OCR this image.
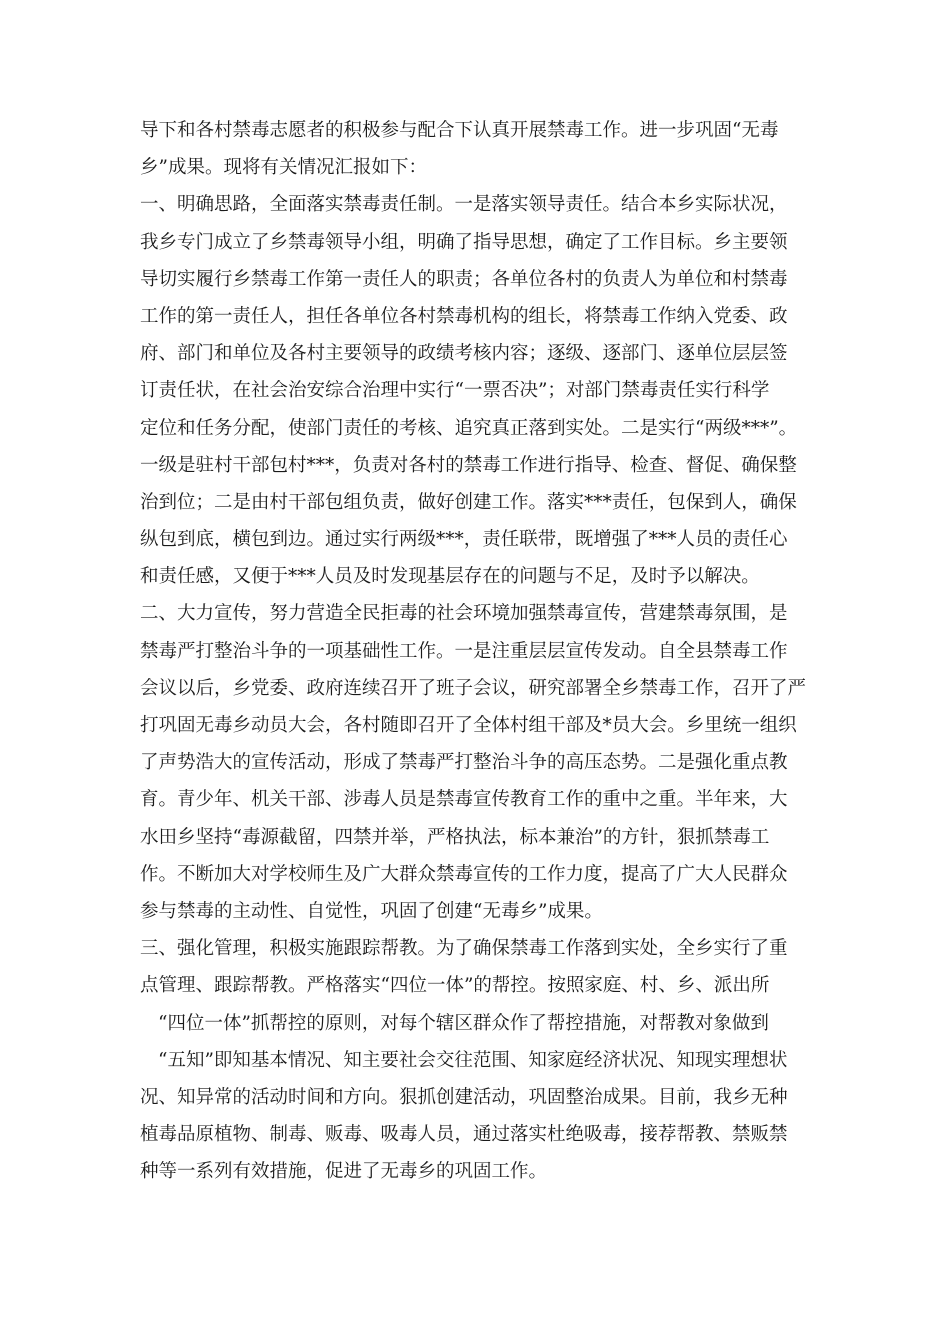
导下和各村禁毒志愿者的积极参与配合下认真开展禁毒工作。进一步巩固“无毒
乡”成果。现将有关情况汇报如下：
一、明确思路，全面落实禁毒责任制。一是落实领导责任。结合本乡实际状况，
我乡专门成立了乡禁毒领导小组，明确了指导思想，确定了工作目标。乡主要领
导切实履行乡禁毒工作第一责任人的职责；各单位各村的负责人为单位和村禁毒
工作的第一责任人，担任各单位各村禁毒机构的组长，将禁毒工作纳入党委、政
府、部门和单位及各村主要领导的政绩考核内容；逐级、逐部门、逐单位层层签
订责任状，在社会治安综合治理中实行“一票否决”；对部门禁毒责任实行科学
定位和任务分配，使部门责任的考核、追究真正落到实处。二是实行“两级***”。
一级是驻村干部包村***，负责对各村的禁毒工作进行指导、检查、督促、确保整
治到位；二是由村干部包组负责，做好创建工作。落实***责任，包保到人，确保
纵包到底，横包到边。通过实行两级***，责任联带，既增强了***人员的责任心
和责任感，又便于***人员及时发现基层存在的问题与不足，及时予以解决。
二、大力宣传，努力营造全民拒毒的社会环境加强禁毒宣传，营建禁毒氛围，是
禁毒严打整治斗争的一项基础性工作。一是注重层层宣传发动。自全县禁毒工作
会议以后，乡党委、政府连续召开了班子会议，研究部署全乡禁毒工作，召开了严
打巩固无毒乡动员大会，各村随即召开了全体村组干部及*员大会。乡里统一组织
了声势浩大的宣传活动，形成了禁毒严打整治斗争的高压态势。二是强化重点教
育。青少年、机关干部、涉毒人员是禁毒宣传教育工作的重中之重。半年来，大
水田乡坚持“毒源截留，四禁并举，严格执法，标本兼治”的方针，狠抓禁毒工
作。不断加大对学校师生及广大群众禁毒宣传的工作力度，提高了广大人民群众
参与禁毒的主动性、自觉性，巩固了创建“无毒乡”成果。
三、强化管理，积极实施跟踪帮教。为了确保禁毒工作落到实处，全乡实行了重
点管理、跟踪帮教。严格落实“四位一体”的帮控。按照家庭、村、乡、派出所
“四位一体”抓帮控的原则，对每个辖区群众作了帮控措施，对帮教对象做到
“五知”即知基本情况、知主要社会交往范围、知家庭经济状况、知现实理想状
况、知异常的活动时间和方向。狠抓创建活动，巩固整治成果。目前，我乡无种
植毒品原植物、制毒、贩毒、吸毒人员，通过落实杜绝吸毒，接荐帮教、禁贩禁
种等一系列有效措施，促进了无毒乡的巩固工作。
